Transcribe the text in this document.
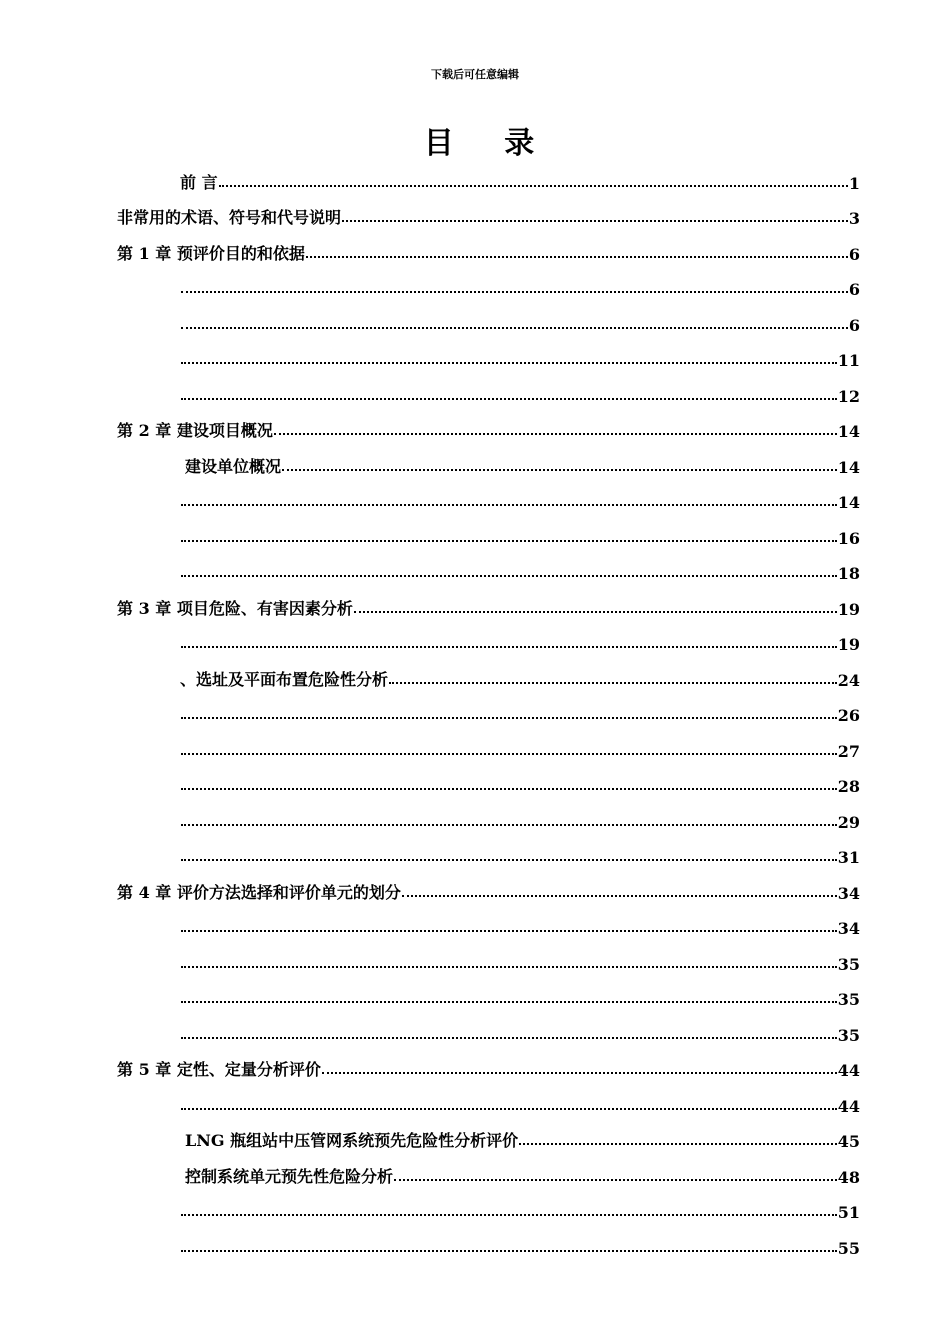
下载后可任意编辑
目 录
前 言	1
非常用的术语、符号和代号说明	3
第 1 章 预评价目的和依据	6
6
6
11
12
第 2 章 建设项目概况	14
建设单位概况	14
14
16
18
第 3 章 项目危险、有害因素分析	19
19
、选址及平面布置危险性分析	24
26
27
28
29
31
第 4 章 评价方法选择和评价单元的划分	34
34
35
35
35
第 5 章 定性、定量分析评价	44
44
LNG 瓶组站中压管网系统预先危险性分析评价	45
控制系统单元预先性危险分析	48
51
55
